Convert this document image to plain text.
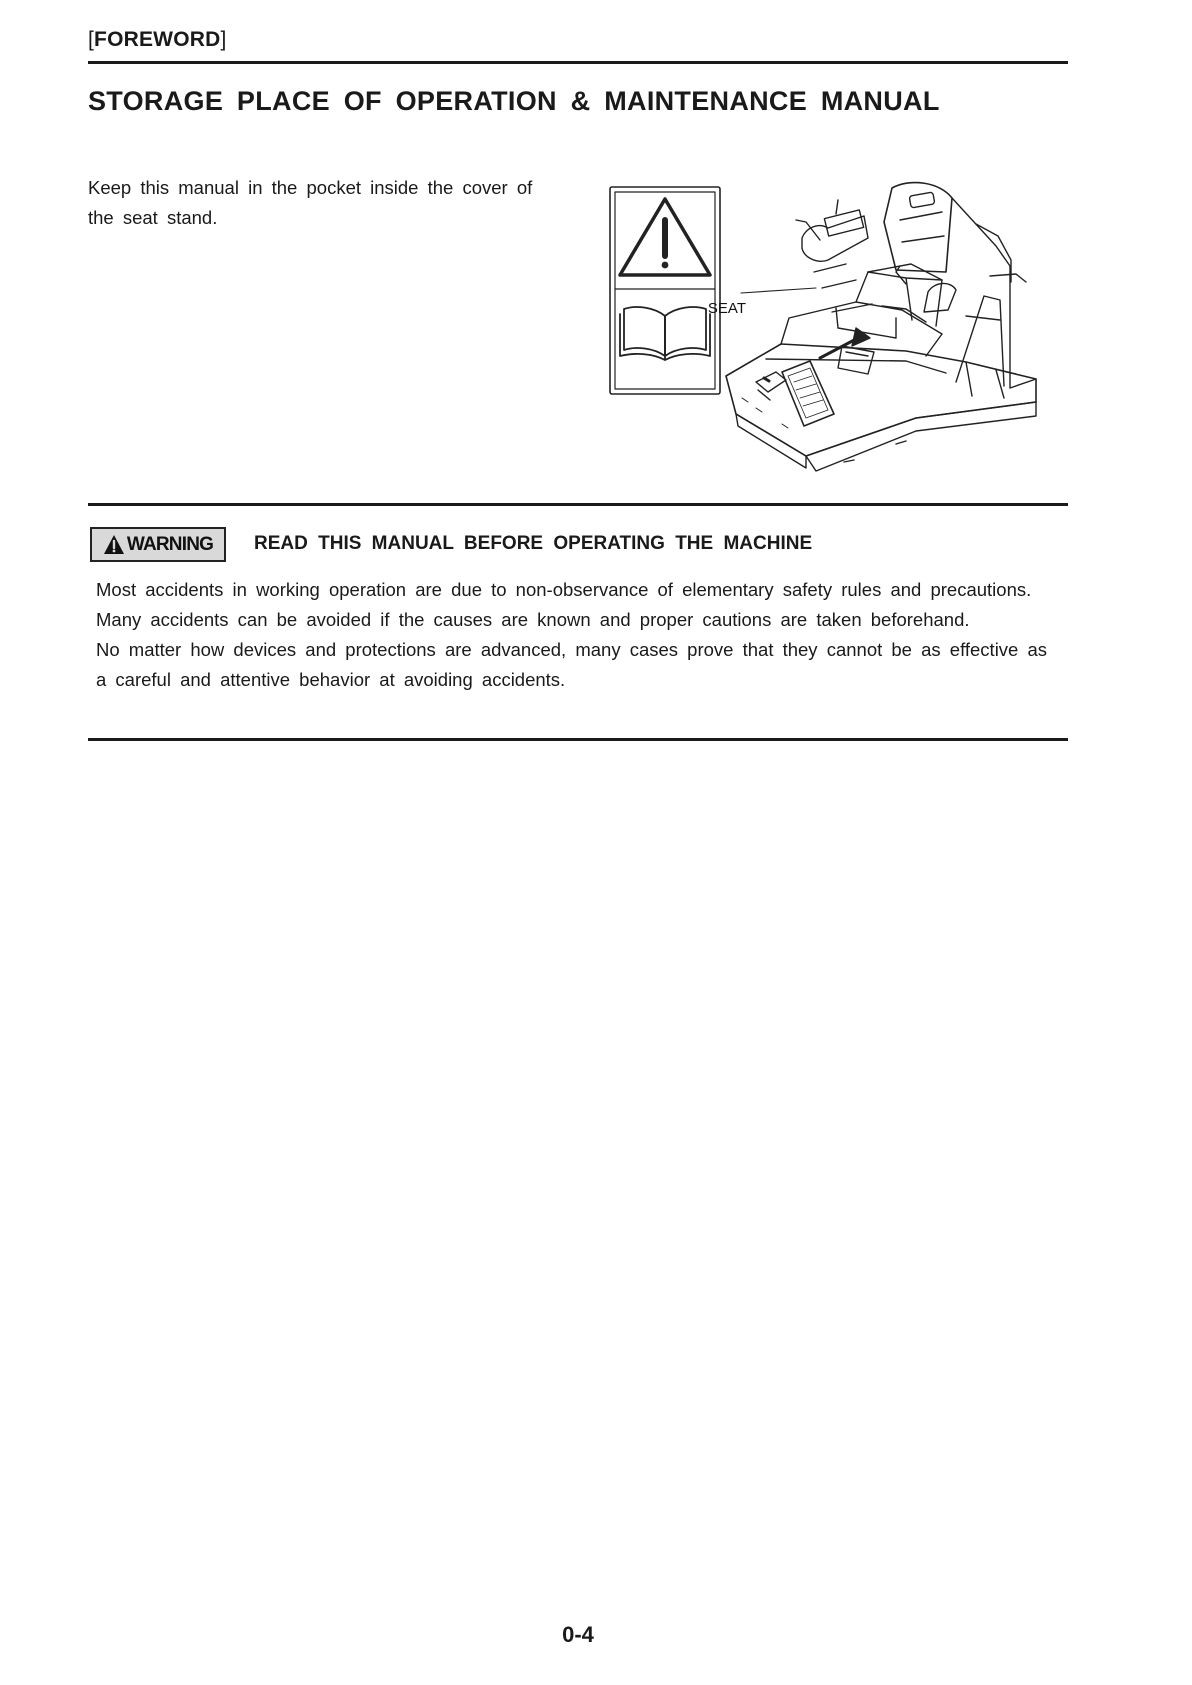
[FOREWORD]
STORAGE PLACE OF OPERATION & MAINTENANCE MANUAL
Keep this manual in the pocket inside the cover of the seat stand.
SEAT
WARNING READ THIS MANUAL BEFORE OPERATING THE MACHINE

Most accidents in working operation are due to non-observance of elementary safety rules and precautions.

Many accidents can be avoided if the causes are known and proper cautions are taken beforehand.

No matter how devices and protections are advanced, many cases prove that they cannot be as effective as a careful and attentive behavior at avoiding accidents.

0-4
